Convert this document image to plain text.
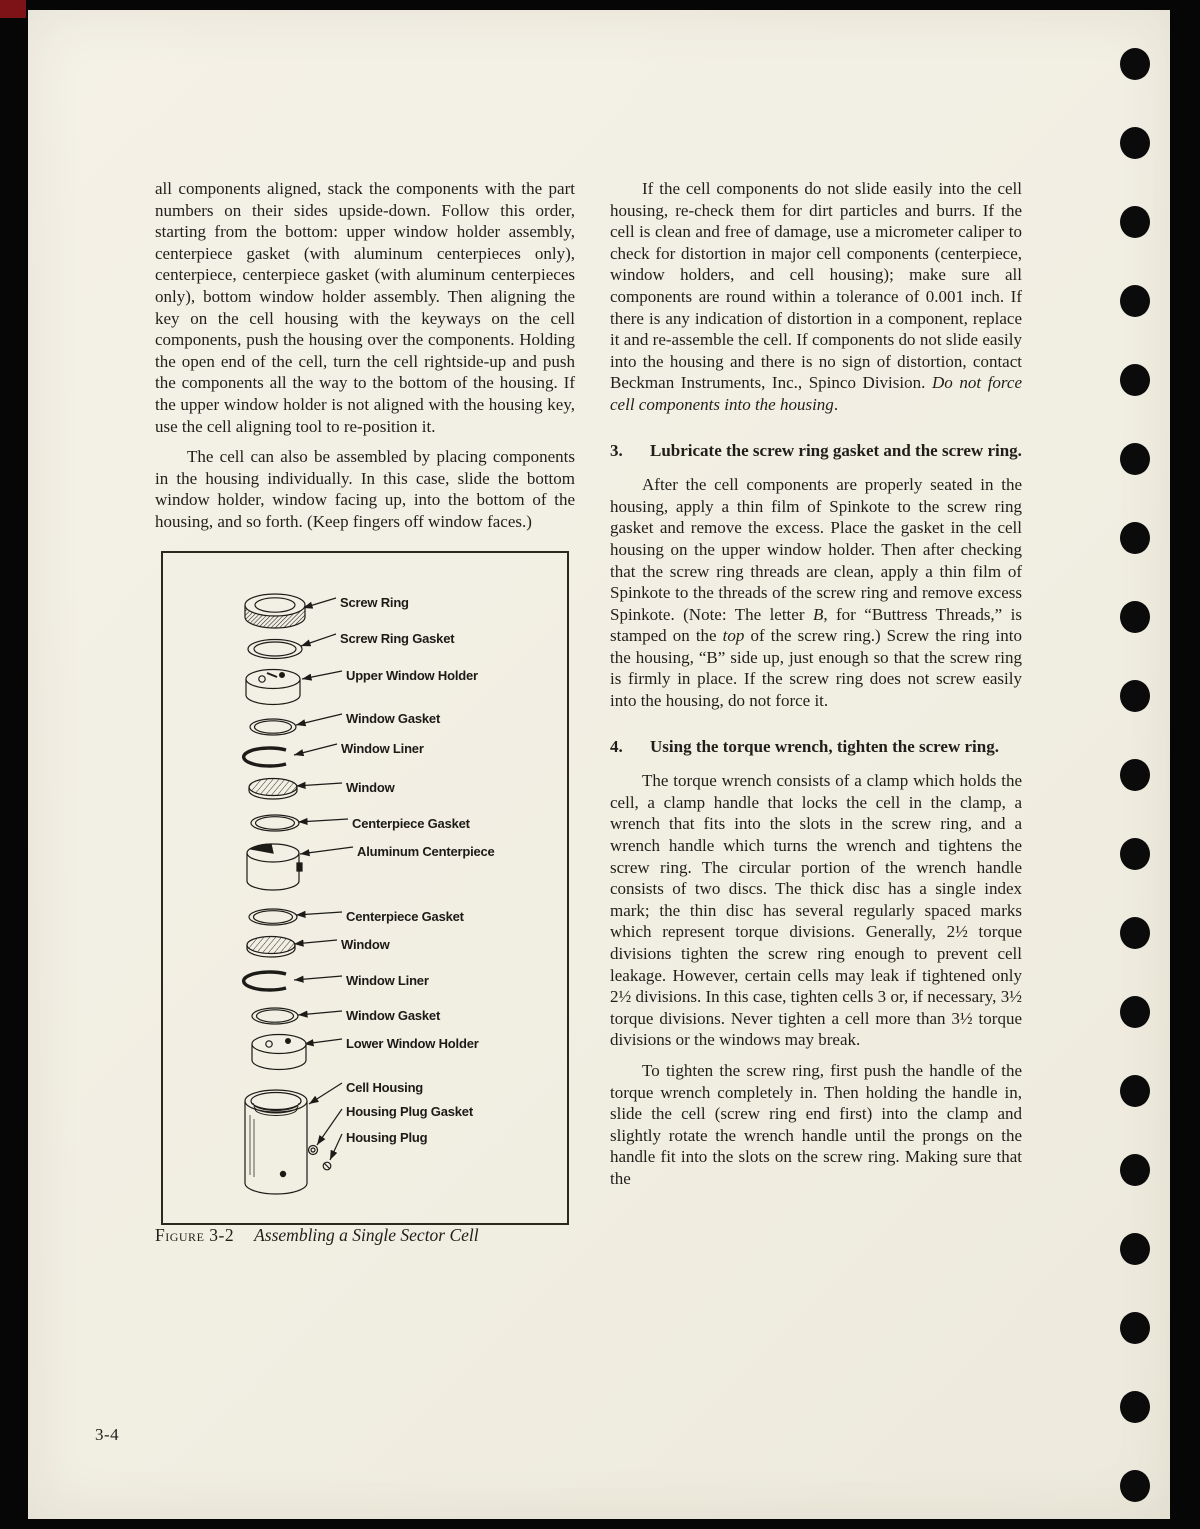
all components aligned, stack the components with the part numbers on their sides upside-down. Follow this order, starting from the bottom: upper window holder assembly, centerpiece gasket (with aluminum centerpieces only), centerpiece, centerpiece gasket (with aluminum centerpieces only), bottom window holder assembly. Then aligning the key on the cell housing with the keyways on the cell components, push the housing over the components. Holding the open end of the cell, turn the cell rightside-up and push the components all the way to the bottom of the housing. If the upper window holder is not aligned with the housing key, use the cell aligning tool to re-position it.

The cell can also be assembled by placing components in the housing individually. In this case, slide the bottom window holder, window facing up, into the bottom of the housing, and so forth. (Keep fingers off window faces.)

Screw Ring
Screw Ring Gasket
Upper Window Holder
Window Gasket
Window Liner
Window
Centerpiece Gasket
Aluminum Centerpiece
Centerpiece Gasket
Window
Window Liner
Window Gasket
Lower Window Holder
Cell Housing
Housing Plug Gasket
Housing Plug

Figure 3-2 Assembling a Single Sector Cell

If the cell components do not slide easily into the cell housing, re-check them for dirt particles and burrs. If the cell is clean and free of damage, use a micrometer caliper to check for distortion in major cell components (centerpiece, window holders, and cell housing); make sure all components are round within a tolerance of 0.001 inch. If there is any indication of distortion in a component, replace it and re-assemble the cell. If components do not slide easily into the housing and there is no sign of distortion, contact Beckman Instruments, Inc., Spinco Division. Do not force cell components into the housing.

3.	Lubricate the screw ring gasket and the screw ring.

After the cell components are properly seated in the housing, apply a thin film of Spinkote to the screw ring gasket and remove the excess. Place the gasket in the cell housing on the upper window holder. Then after checking that the screw ring threads are clean, apply a thin film of Spinkote to the threads of the screw ring and remove excess Spinkote. (Note: The letter B, for “Buttress Threads,” is stamped on the top of the screw ring.) Screw the ring into the housing, “B” side up, just enough so that the screw ring is firmly in place. If the screw ring does not screw easily into the housing, do not force it.

4.	Using the torque wrench, tighten the screw ring.

The torque wrench consists of a clamp which holds the cell, a clamp handle that locks the cell in the clamp, a wrench that fits into the slots in the screw ring, and a wrench handle which turns the wrench and tightens the screw ring. The circular portion of the wrench handle consists of two discs. The thick disc has a single index mark; the thin disc has several regularly spaced marks which represent torque divisions. Generally, 2½ torque divisions tighten the screw ring enough to prevent cell leakage. However, certain cells may leak if tightened only 2½ divisions. In this case, tighten cells 3 or, if necessary, 3½ torque divisions. Never tighten a cell more than 3½ torque divisions or the windows may break.

To tighten the screw ring, first push the handle of the torque wrench completely in. Then holding the handle in, slide the cell (screw ring end first) into the clamp and slightly rotate the wrench handle until the prongs on the handle fit into the slots on the screw ring. Making sure that the

3-4
